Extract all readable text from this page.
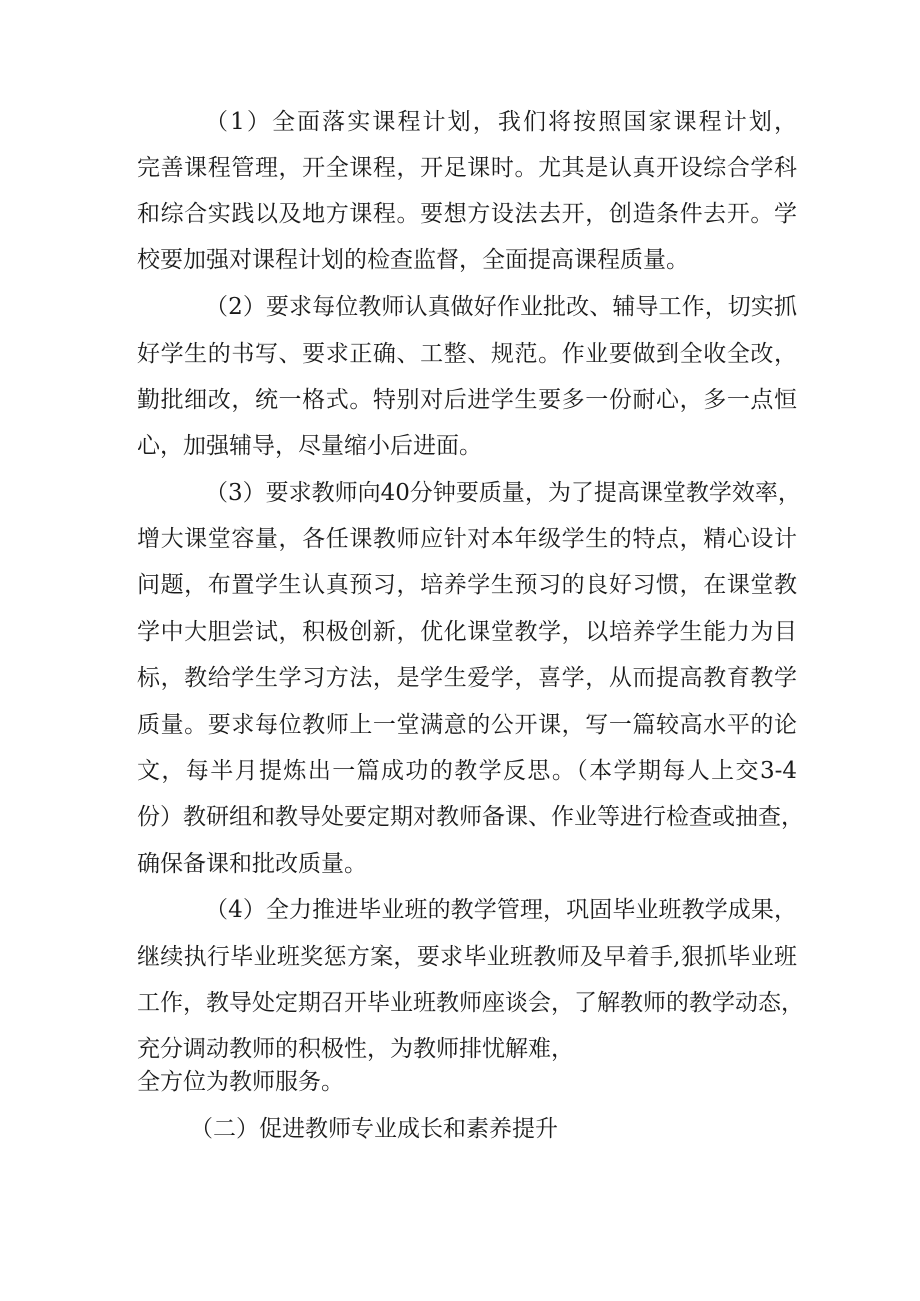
（1）全面落实课程计划，我们将按照国家课程计划，
完善课程管理，开全课程，开足课时。尤其是认真开设综合学科
和综合实践以及地方课程。要想方设法去开，创造条件去开。学
校要加强对课程计划的检查监督，全面提高课程质量。
（2）要求每位教师认真做好作业批改、辅导工作，切实抓
好学生的书写、要求正确、工整、规范。作业要做到全收全改，
勤批细改，统一格式。特别对后进学生要多一份耐心，多一点恒
心，加强辅导，尽量缩小后进面。
（3）要求教师向40分钟要质量，为了提高课堂教学效率，
增大课堂容量，各任课教师应针对本年级学生的特点，精心设计
问题，布置学生认真预习，培养学生预习的良好习惯，在课堂教
学中大胆尝试，积极创新，优化课堂教学，以培养学生能力为目
标，教给学生学习方法，是学生爱学，喜学，从而提高教育教学
质量。要求每位教师上一堂满意的公开课，写一篇较高水平的论
文，每半月提炼出一篇成功的教学反思。（本学期每人上交3-4
份）教研组和教导处要定期对教师备课、作业等进行检查或抽查，
确保备课和批改质量。
（4）全力推进毕业班的教学管理，巩固毕业班教学成果，
继续执行毕业班奖惩方案，要求毕业班教师及早着手,狠抓毕业班
工作，教导处定期召开毕业班教师座谈会，了解教师的教学动态，
充分调动教师的积极性，为教师排忧解难，
全方位为教师服务。
（二）促进教师专业成长和素养提升
